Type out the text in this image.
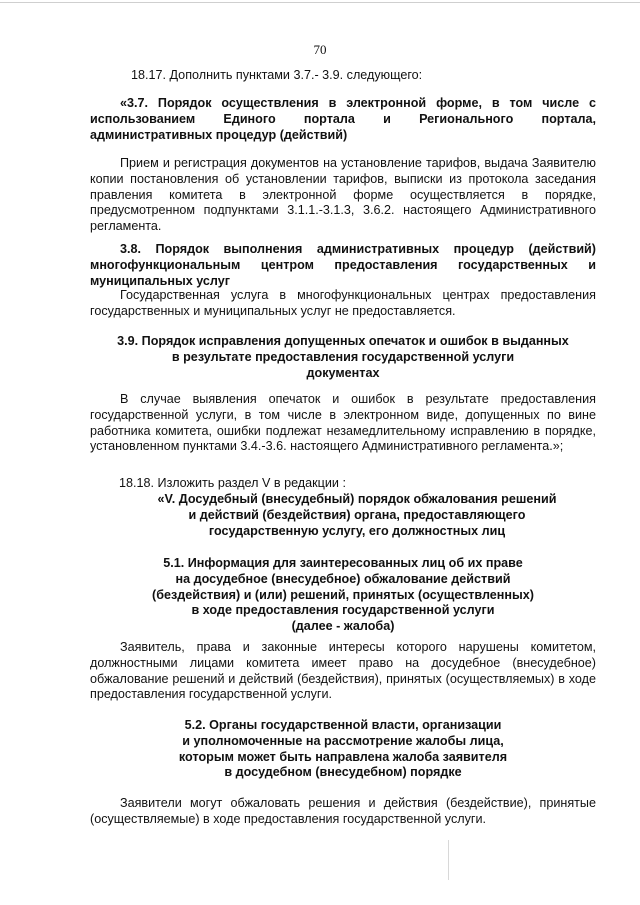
70

18.17. Дополнить пунктами 3.7.- 3.9. следующего:

«3.7. Порядок осуществления в электронной форме, в том числе с использованием Единого портала и Регионального портала, административных процедур (действий)

Прием и регистрация документов на установление тарифов, выдача Заявителю копии постановления об установлении тарифов, выписки из протокола заседания правления комитета в электронной форме осуществляется в порядке, предусмотренном подпунктами 3.1.1.-3.1.3, 3.6.2. настоящего Административного регламента.

3.8. Порядок выполнения административных процедур (действий) многофункциональным центром предоставления государственных и муниципальных услуг

Государственная услуга в многофункциональных центрах предоставления государственных и муниципальных услуг не предоставляется.

3.9. Порядок исправления допущенных опечаток и ошибок в выданных
в результате предоставления государственной услуги
документах

В случае выявления опечаток и ошибок в результате предоставления государственной услуги, в том числе в электронном виде, допущенных по вине работника комитета, ошибки подлежат незамедлительному исправлению в порядке, установленном пунктами 3.4.-3.6. настоящего Административного регламента.»;

18.18. Изложить раздел V в редакции :

«V. Досудебный (внесудебный) порядок обжалования решений
и действий (бездействия) органа, предоставляющего
государственную услугу, его должностных лиц
5.1. Информация для заинтересованных лиц об их праве
на досудебное (внесудебное) обжалование действий
(бездействия) и (или) решений, принятых (осуществленных)
в ходе предоставления государственной услуги
(далее - жалоба)

Заявитель, права и законные интересы которого нарушены комитетом, должностными лицами комитета имеет право на досудебное (внесудебное) обжалование решений и действий (бездействия), принятых (осуществляемых) в ходе предоставления государственной услуги.

5.2. Органы государственной власти, организации
и уполномоченные на рассмотрение жалобы лица,
которым может быть направлена жалоба заявителя
в досудебном (внесудебном) порядке

Заявители могут обжаловать решения и действия (бездействие), принятые (осуществляемые) в ходе предоставления государственной услуги.
